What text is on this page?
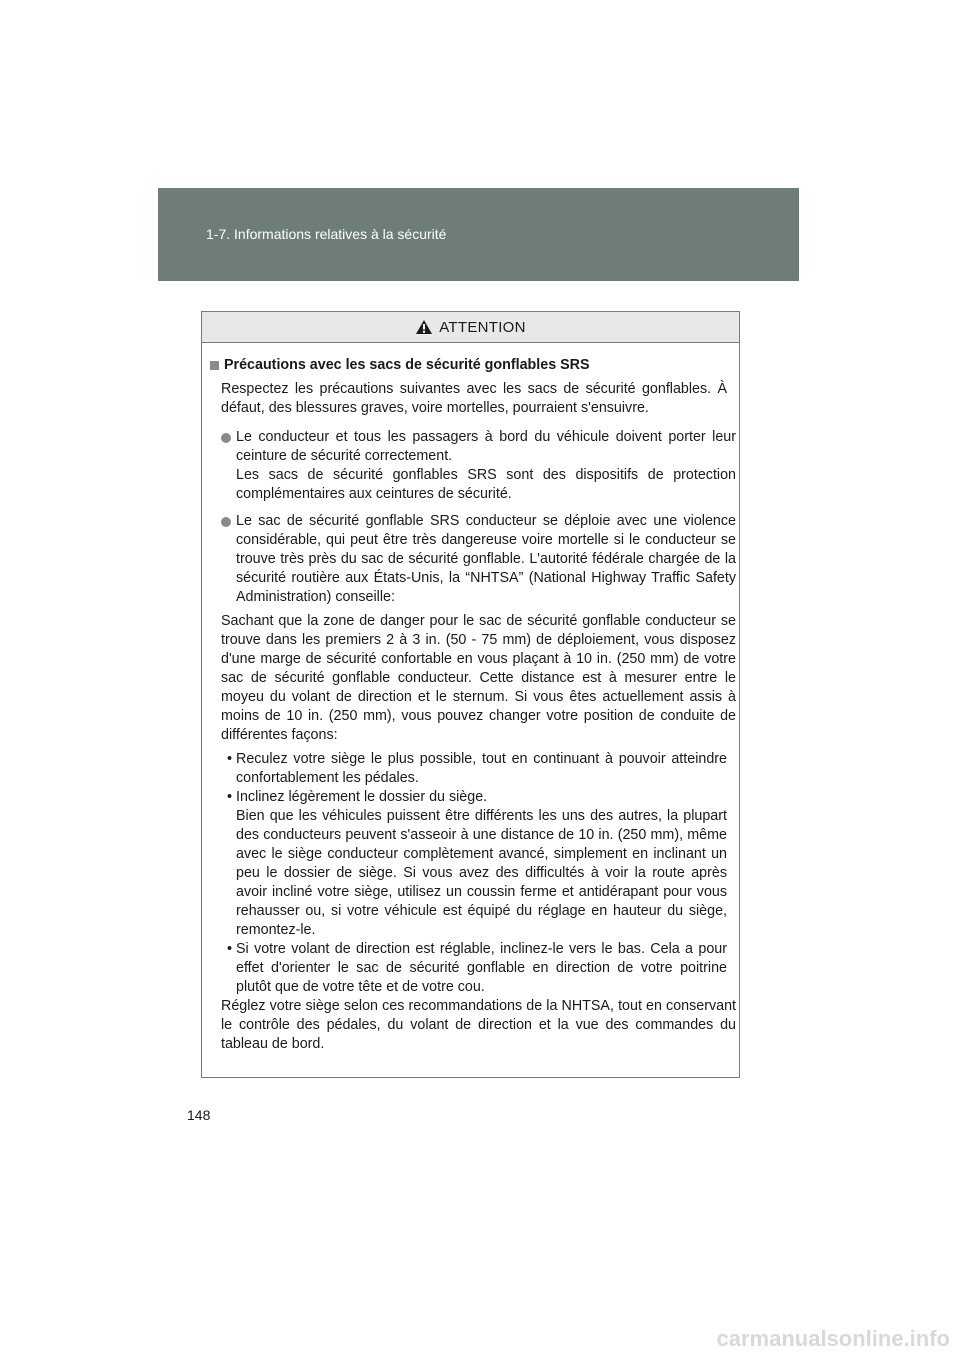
1-7. Informations relatives à la sécurité
ATTENTION
Précautions avec les sacs de sécurité gonflables SRS
Respectez les précautions suivantes avec les sacs de sécurité gonflables. À défaut, des blessures graves, voire mortelles, pourraient s'ensuivre.
Le conducteur et tous les passagers à bord du véhicule doivent porter leur ceinture de sécurité correctement.
Les sacs de sécurité gonflables SRS sont des dispositifs de protection complémentaires aux ceintures de sécurité.
Le sac de sécurité gonflable SRS conducteur se déploie avec une violence considérable, qui peut être très dangereuse voire mortelle si le conducteur se trouve très près du sac de sécurité gonflable. L'autorité fédérale chargée de la sécurité routière aux États-Unis, la “NHTSA” (National Highway Traffic Safety Administration) conseille:
Sachant que la zone de danger pour le sac de sécurité gonflable conducteur se trouve dans les premiers 2 à 3 in. (50 - 75 mm) de déploiement, vous disposez d'une marge de sécurité confortable en vous plaçant à 10 in. (250 mm) de votre sac de sécurité gonflable conducteur. Cette distance est à mesurer entre le moyeu du volant de direction et le sternum. Si vous êtes actuellement assis à moins de 10 in. (250 mm), vous pouvez changer votre position de conduite de différentes façons:
• Reculez votre siège le plus possible, tout en continuant à pouvoir atteindre confortablement les pédales.
• Inclinez légèrement le dossier du siège.
Bien que les véhicules puissent être différents les uns des autres, la plupart des conducteurs peuvent s'asseoir à une distance de 10 in. (250 mm), même avec le siège conducteur complètement avancé, simplement en inclinant un peu le dossier de siège. Si vous avez des difficultés à voir la route après avoir incliné votre siège, utilisez un coussin ferme et antidérapant pour vous rehausser ou, si votre véhicule est équipé du réglage en hauteur du siège, remontez-le.
• Si votre volant de direction est réglable, inclinez-le vers le bas. Cela a pour effet d'orienter le sac de sécurité gonflable en direction de votre poitrine plutôt que de votre tête et de votre cou.
Réglez votre siège selon ces recommandations de la NHTSA, tout en conservant le contrôle des pédales, du volant de direction et la vue des commandes du tableau de bord.
148
carmanualsonline.info
